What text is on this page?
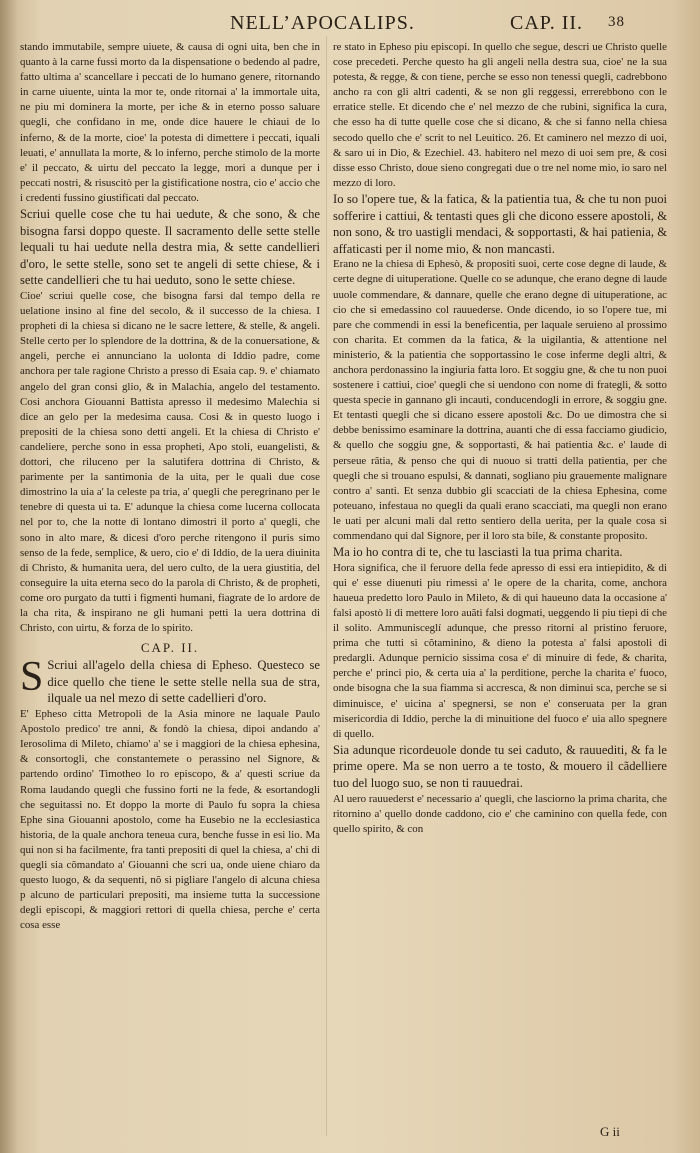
NELL’APOCALIPS.	CAP. II. 38

stando immutabile, sempre uiuete, & causa di ogni uita, ben che in quanto à la carne fussi morto da la dispensatione o bedendo al padre, fatto ultima a' scancellare i peccati de lo humano genere, ritornando in carne uiuente, uinta la mor te, onde ritornai a' la immortale uita, ne piu mi dominera la morte, per iche & in eterno posso saluare quegli, che confidano in me, onde dice hauere le chiaui de lo inferno, & de la morte, cioe' la potesta di dimettere i peccati, iquali leuati, e' annullata la morte, & lo inferno, perche stimolo de la morte e' il peccato, & uirtu del peccato la legge, mori a dunque per i peccati nostri, & risuscitò per la gistificatione nostra, cio e' accio che i credenti fussino giustificati dal peccato.

Scriui quelle cose che tu hai uedute, & che sono, & che bisogna farsi doppo queste. Il sacramento delle sette stelle lequali tu hai uedute nella destra mia, & sette candellieri d'oro, le sette stelle, sono set te angeli di sette chiese, & i sette candellieri che tu hai ueduto, sono le sette chiese.

Cioe' scriui quelle cose, che bisogna farsi dal tempo della re uelatione insino al fine del secolo, & il successo de la chiesa. I propheti di la chiesa si dicano ne le sacre lettere, & stelle, & angeli. Stelle certo per lo splendore de la dottrina, & de la conuersatione, & angeli, perche ei annunciano la uolonta di Iddio padre, come anchora per tale ragione Christo a presso di Esaia cap. 9. e' chiamato angelo del gran consi glio, & in Malachia, angelo del testamento. Cosi anchora Giouanni Battista apresso il medesimo Malechia si dice an gelo per la medesima causa. Cosi & in questo luogo i prepositi de la chiesa sono detti angeli. Et la chiesa di Christo e' candeliere, perche sono in essa propheti, Apo stoli, euangelisti, & dottori, che riluceno per la salutifera dottrina di Christo, & parimente per la santimonia de la uita, per le quali due cose dimostrino la uia a' la celeste pa tria, a' quegli che peregrinano per le tenebre di questa ui ta. E' adunque la chiesa come lucerna collocata nel por to, che la notte di lontano dimostri il porto a' quegli, che sono in alto mare, & dicesi d'oro perche ritengono il puris simo senso de la fede, semplice, & uero, cio e' di Iddio, de la uera diuinita di Christo, & humanita uera, del uero culto, de la uera giustitia, del conseguire la uita eterna seco do la parola di Christo, & de propheti, come oro purgato da tutti i figmenti humani, fiagrate de lo ardore de la cha rita, & inspirano ne gli humani petti la uera dottrina di Christo, con uirtu, & forza de lo spirito.

CAP. II.

S Scriui all'agelo della chiesa di Epheso. Questeco se dice quello che tiene le sette stelle nella sua de stra, ilquale ua nel mezo di sette cadellieri d'oro.

E' Epheso citta Metropoli de la Asia minore ne laquale Paulo Apostolo predico' tre anni, & fondò la chiesa, dipoi andando a' Ierosolima di Mileto, chiamo' a' se i maggiori de la chiesa ephesina, & consortogli, che constantemete o perassino nel Signore, & partendo ordino' Timotheo lo ro episcopo, & a' questi scriue da Roma laudando quegli che fussino forti ne la fede, & esortandogli che seguitassi no. Et doppo la morte di Paulo fu sopra la chiesa Ephe sina Giouanni apostolo, come ha Eusebio ne la ecclesiastica historia, de la quale anchora teneua cura, benche fusse in esi lio. Ma qui non si ha facilmente, fra tanti prepositi di quel la chiesa, a' chi di quegli sia cõmandato a' Giouanni che scri ua, onde uiene chiaro da questo luogo, & da sequenti, nõ si pigliare l'angelo di alcuna chiesa p alcuno de particulari prepositi, ma insieme tutta la successione degli episcopi, & maggiori rettori di quella chiesa, perche e' certa cosa esse

re stato in Epheso piu episcopi. In quello che segue, descri ue Christo quelle cose precedeti. Perche questo ha gli angeli nella destra sua, cioe' ne la sua potesta, & regge, & con tiene, perche se esso non tenessi quegli, cadrebbono ancho ra con gli altri cadenti, & se non gli reggessi, errerebbono con le erratice stelle. Et dicendo che e' nel mezzo de che rubini, significa la cura, che esso ha di tutte quelle cose che si dicano, & che si fanno nella chiesa secodo quello che e' scrit to nel Leuitico. 26. Et caminero nel mezzo di uoi, & saro ui in Dio, & Ezechiel. 43. habitero nel mezo di uoi sem pre, & cosi disse esso Christo, doue sieno congregati due o tre nel nome mio, io saro nel mezzo di loro.

Io so l'opere tue, & la fatica, & la patientia tua, & che tu non puoi sofferire i cattiui, & tentasti ques gli che dicono essere apostoli, & non sono, & tro uastigli mendaci, & sopportasti, & hai patienia, & affaticasti per il nome mio, & non mancasti.

Erano ne la chiesa di Ephesò, & propositi suoi, certe cose degne di laude, & certe degne di uituperatione. Quelle co se adunque, che erano degne di laude uuole commendare, & dannare, quelle che erano degne di uituperatione, ac cio che si emedassino col rauuederse. Onde dicendo, io so l'opere tue, mi pare che commendi in essi la beneficentia, per laquale seruieno al prossimo con charita. Et commen da la fatica, & la uigilantia, & attentione nel ministerio, & la patientia che sopportassino le cose inferme degli altri, & anchora perdonassino la ingiuria fatta loro. Et soggiu gne, & che tu non puoi sostenere i cattiui, cioe' quegli che si uendono con nome di frategli, & sotto questa specie in gannano gli incauti, conducendogli in errore, & soggiu gne. Et tentasti quegli che si dicano essere apostoli &c. Do ue dimostra che si debbe benissimo esaminare la dottrina, auanti che di essa facciamo giudicio, & quello che soggiu gne, & sopportasti, & hai patientia &c. e' laude di perseue rãtia, & penso che qui di nuouo si tratti della patientia, per che quegli che si trouano espulsi, & dannati, sogliano piu grauemente malignare contro a' santi. Et senza dubbio gli scacciati de la chiesa Ephesina, come poteuano, infestaua no quegli da quali erano scacciati, ma quegli non erano le uati per alcuni mali dal retto sentiero della uerita, per la quale cosa si commendano qui dal Signore, per il loro sta bile, & constante proposito.

Ma io ho contra di te, che tu lasciasti la tua prima charita.

Hora significa, che il feruore della fede apresso di essi era intiepidito, & di qui e' esse diuenuti piu rimessi a' le opere de la charita, come, anchora haueua predetto loro Paulo in Mileto, & di qui haueuno data la occasione a' falsi apostò li di mettere loro auãti falsi dogmati, ueggendo li piu tiepi di che il solito. Ammunisceglí adunque, che presso ritorni al pristino feruore, prima che tutti si cõtaminino, & dieno la potesta a' falsi apostoli di predargli. Adunque pernicio sissima cosa e' di minuire di fede, & charita, perche e' princi pio, & certa uia a' la perditione, perche la charita e' fuoco, onde bisogna che la sua fiamma si accresca, & non diminui sca, perche se si diminuisce, e' uicina a' spegnersi, se non e' conseruata per la gran misericordia di Iddio, perche la di minuitione del fuoco e' uia allo spegnere di quello.

Sia adunque ricordeuole donde tu sei caduto, & rauuediti, & fa le prime opere. Ma se non uerro a te tosto, & mouero il cãdelliere tuo del luogo suo, se non ti rauuedrai.

Al uero rauuederst e' necessario a' quegli, che lasciorno la prima charita, che ritornino a' quello donde caddono, cio e' che caminino con quella fede, con quello spirito, & con

G ii
